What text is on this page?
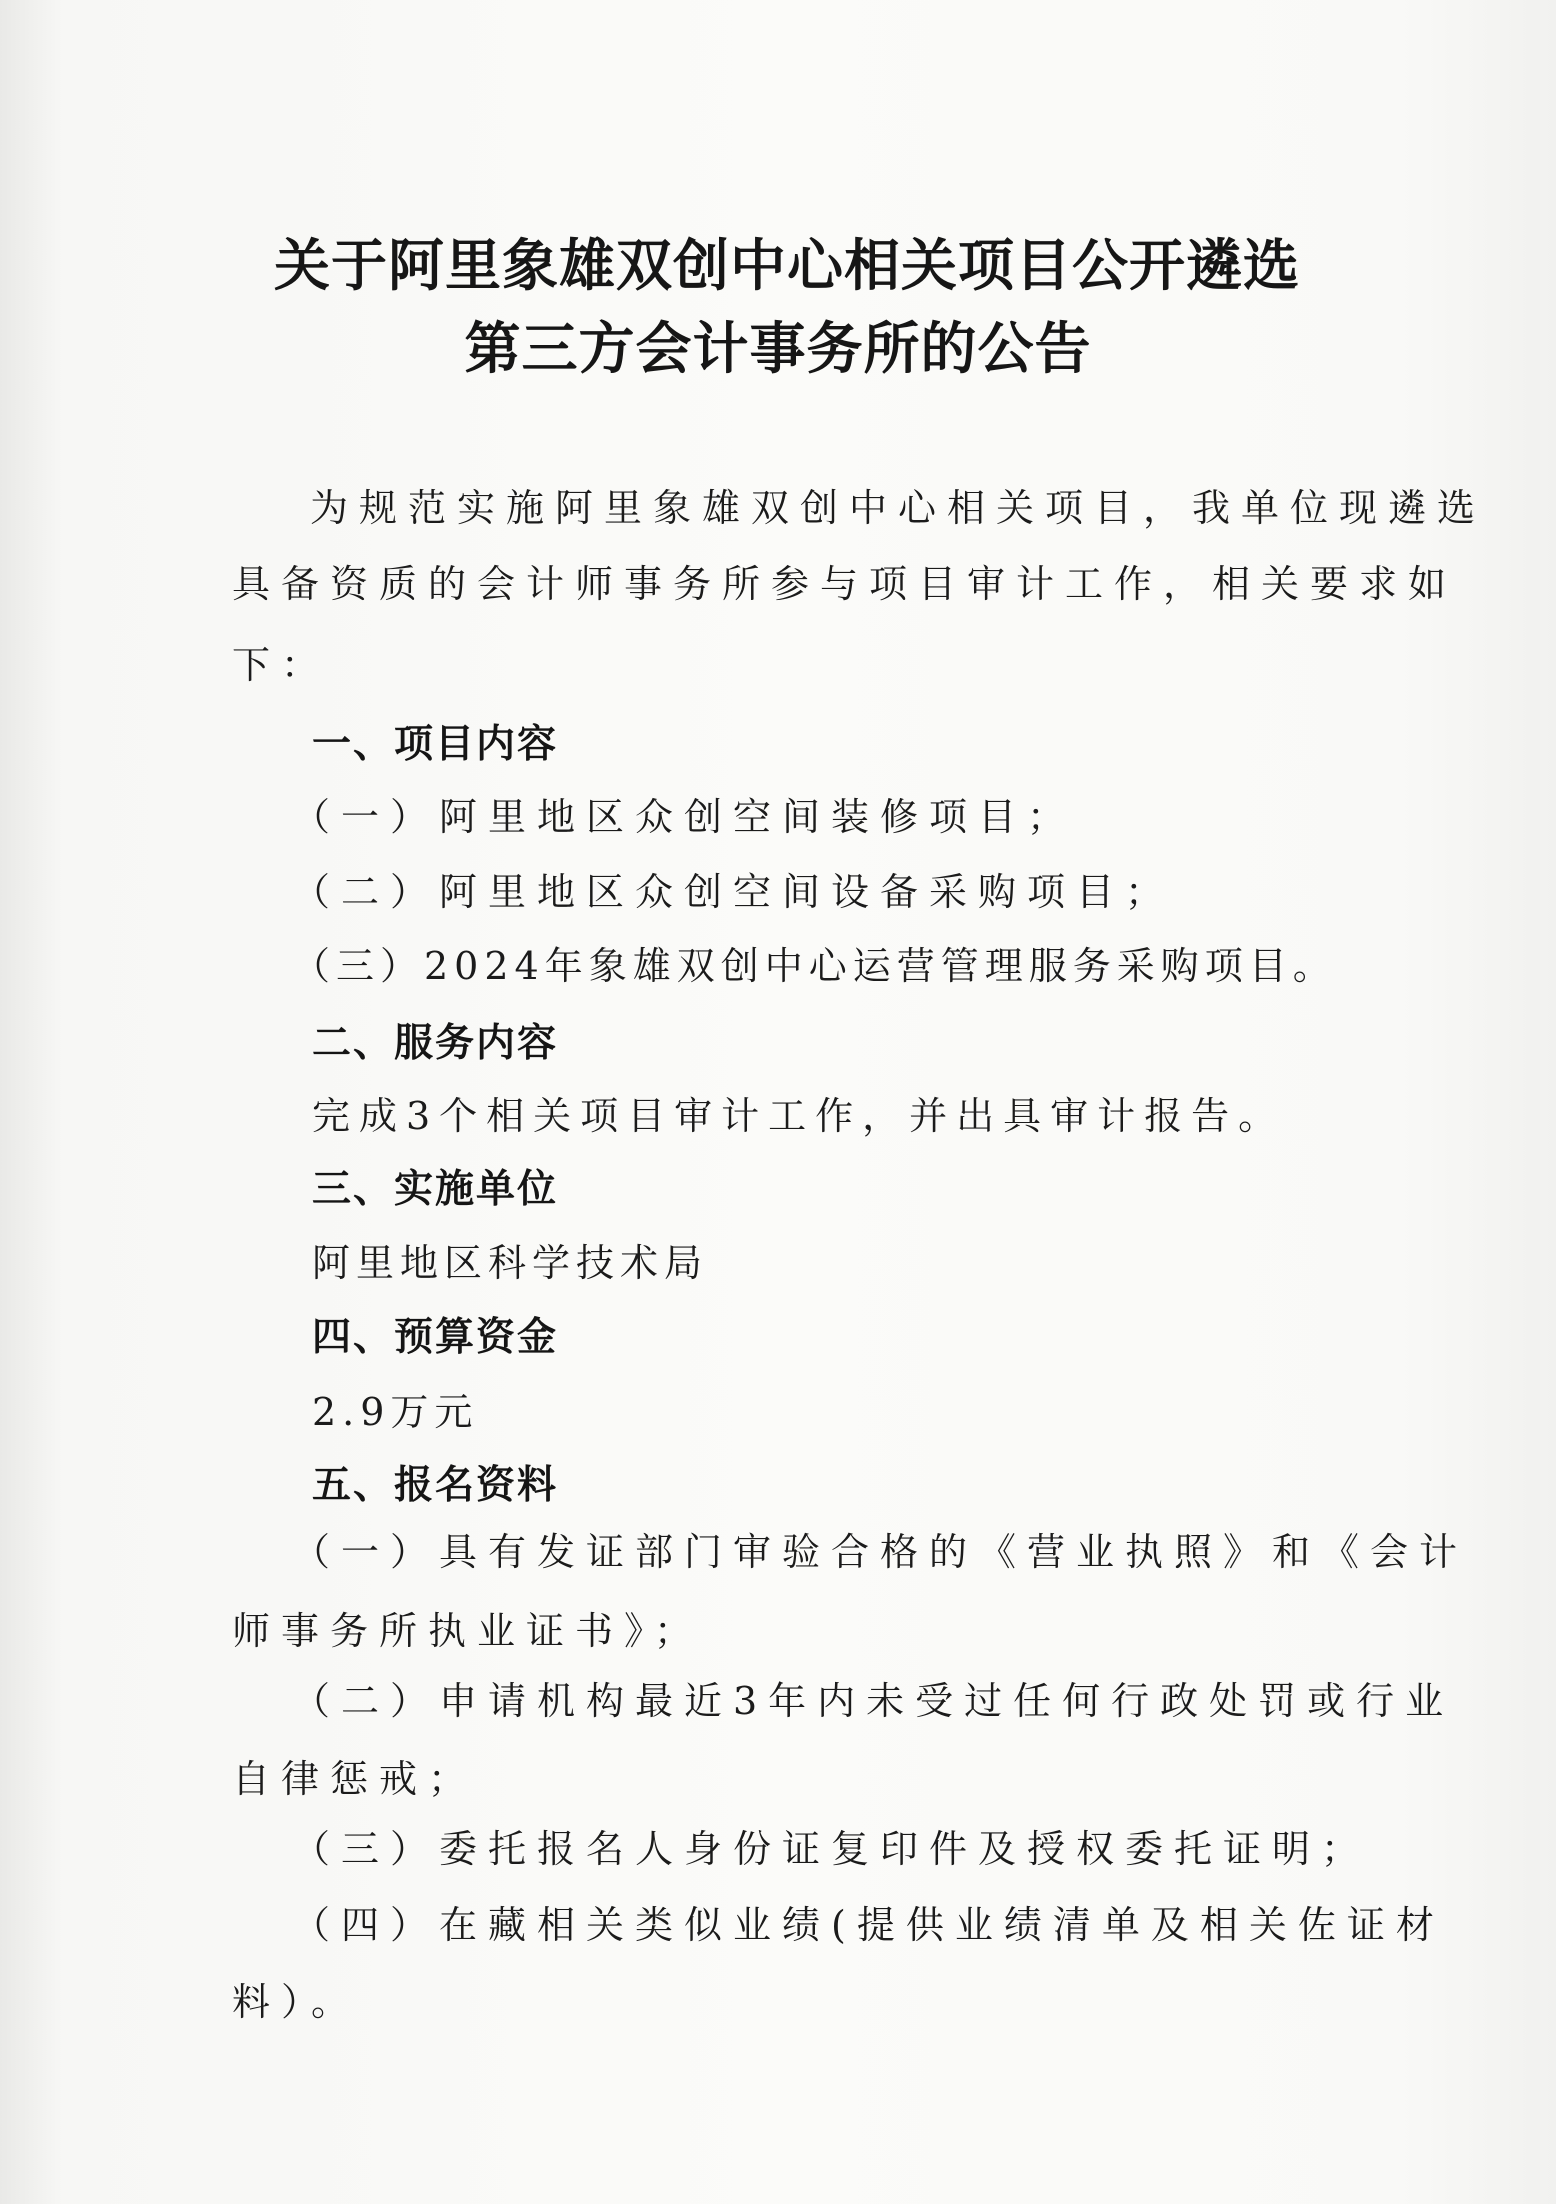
关于阿里象雄双创中心相关项目公开遴选
第三方会计事务所的公告

为规范实施阿里象雄双创中心相关项目，我单位现遴选

具备资质的会计师事务所参与项目审计工作，相关要求如

下：

一、项目内容

（一）阿里地区众创空间装修项目；

（二）阿里地区众创空间设备采购项目；

（三）2024年象雄双创中心运营管理服务采购项目。

二、服务内容

完成3个相关项目审计工作，并出具审计报告。

三、实施单位

阿里地区科学技术局

四、预算资金

2.9万元

五、报名资料

（一）具有发证部门审验合格的《营业执照》和《会计

师事务所执业证书》；

（二）申请机构最近3年内未受过任何行政处罚或行业

自律惩戒；

（三）委托报名人身份证复印件及授权委托证明；

（四）在藏相关类似业绩(提供业绩清单及相关佐证材

料）。
